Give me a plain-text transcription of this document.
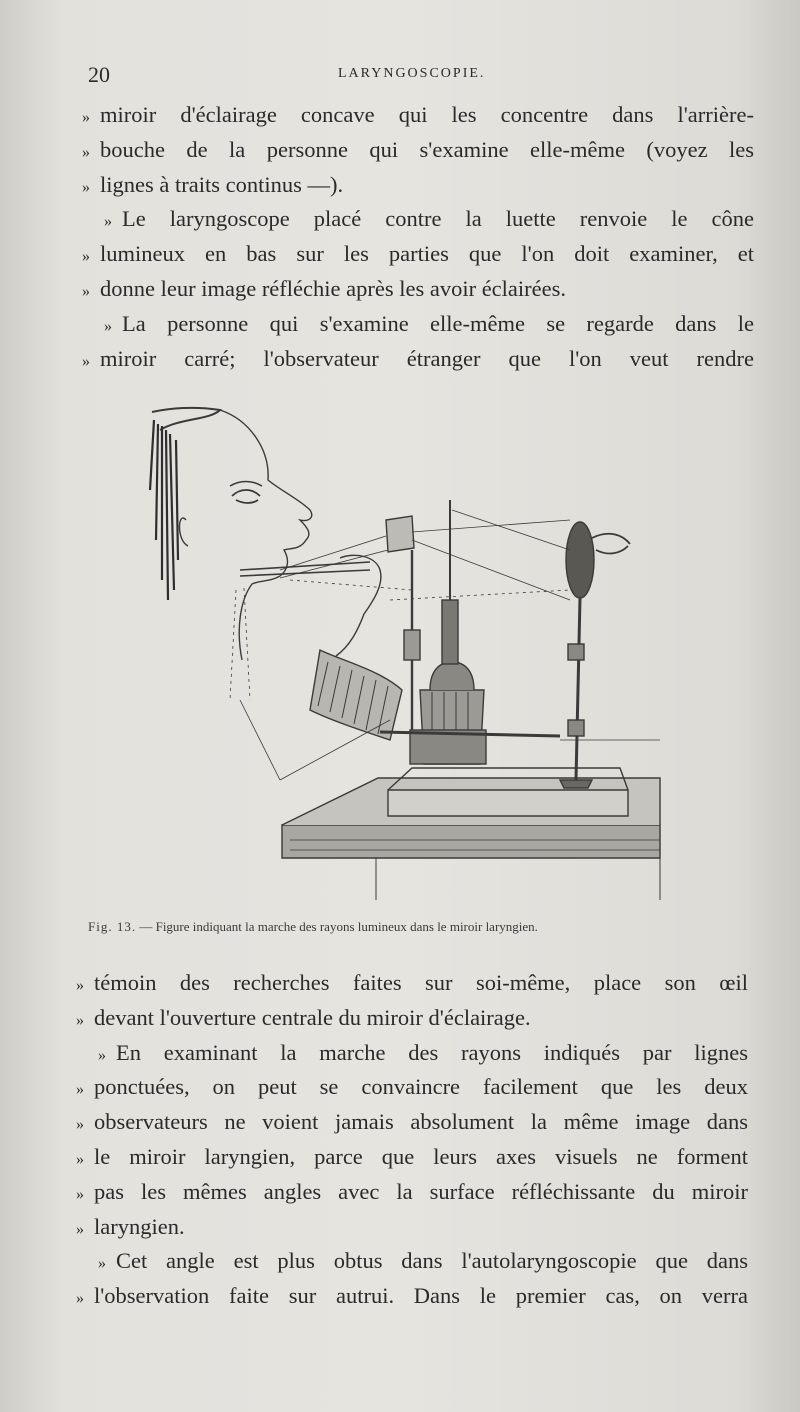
20	LARYNGOSCOPIE.
» miroir d'éclairage concave qui les concentre dans l'arrière-
» bouche de la personne qui s'examine elle-même (voyez les
» lignes à traits continus —).
» Le laryngoscope placé contre la luette renvoie le cône
» lumineux en bas sur les parties que l'on doit examiner, et
» donne leur image réfléchie après les avoir éclairées.
» La personne qui s'examine elle-même se regarde dans le
» miroir carré; l'observateur étranger que l'on veut rendre
Fig. 13. — Figure indiquant la marche des rayons lumineux dans le miroir laryngien.
» témoin des recherches faites sur soi-même, place son œil
» devant l'ouverture centrale du miroir d'éclairage.
» En examinant la marche des rayons indiqués par lignes
» ponctuées, on peut se convaincre facilement que les deux
» observateurs ne voient jamais absolument la même image dans
» le miroir laryngien, parce que leurs axes visuels ne forment
» pas les mêmes angles avec la surface réfléchissante du miroir
» laryngien.
» Cet angle est plus obtus dans l'autolaryngoscopie que dans
» l'observation faite sur autrui. Dans le premier cas, on verra
